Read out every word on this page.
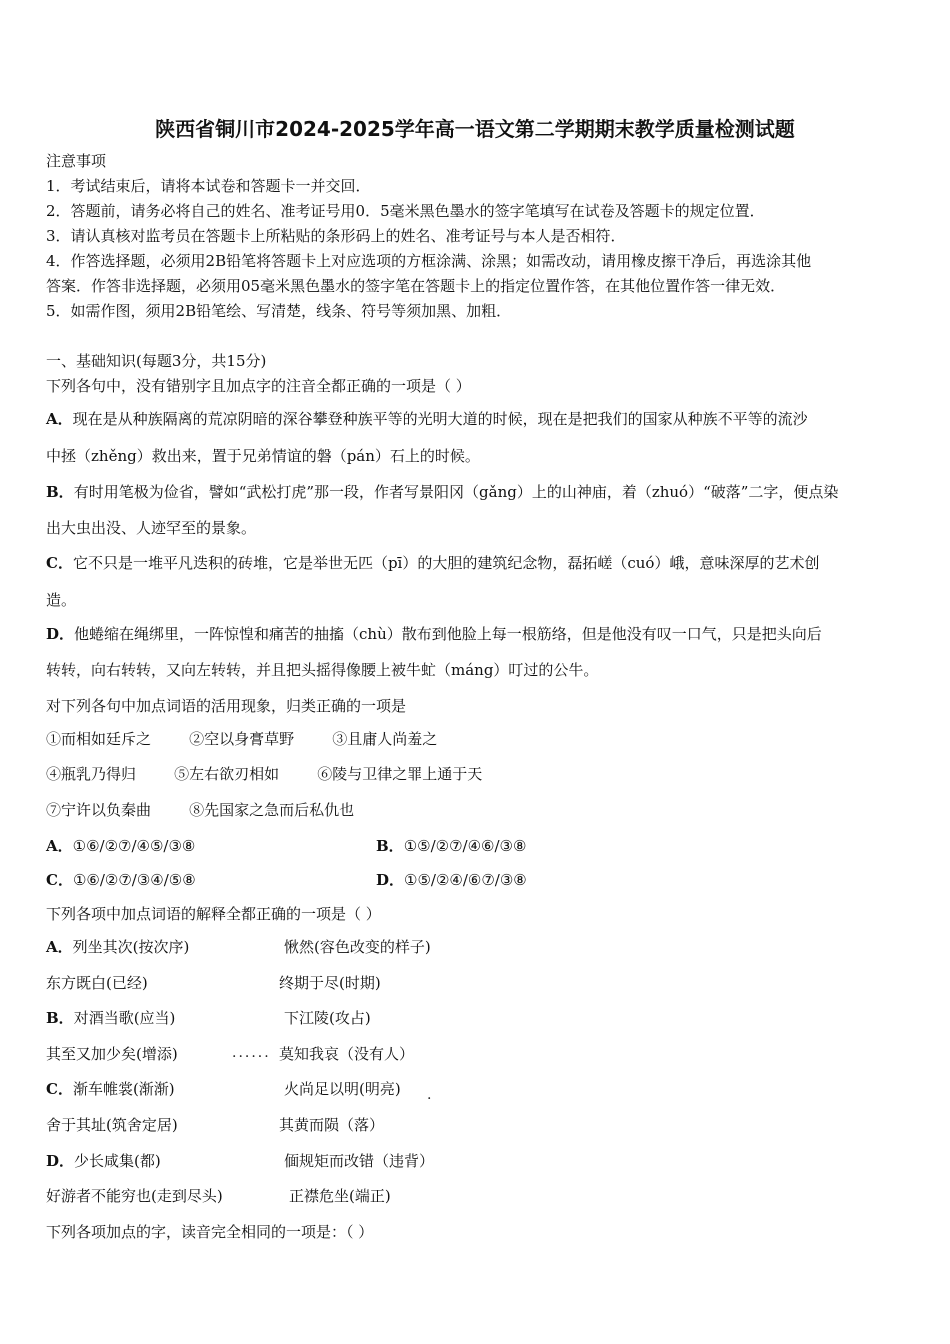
陕西省铜川市2024-2025学年高一语文第二学期期末教学质量检测试题
注意事项
1．考试结束后，请将本试卷和答题卡一并交回．
2．答题前，请务必将自己的姓名、准考证号用0．5毫米黑色墨水的签字笔填写在试卷及答题卡的规定位置．
3．请认真核对监考员在答题卡上所粘贴的条形码上的姓名、准考证号与本人是否相符．
4．作答选择题，必须用2B铅笔将答题卡上对应选项的方框涂满、涂黑；如需改动，请用橡皮擦干净后，再选涂其他
答案．作答非选择题，必须用05毫米黑色墨水的签字笔在答题卡上的指定位置作答，在其他位置作答一律无效．
5．如需作图，须用2B铅笔绘、写清楚，线条、符号等须加黑、加粗．
一、基础知识(每题3分，共15分)
下列各句中，没有错别字且加点字的注音全都正确的一项是（ ）
A．现在是从种族隔离的荒凉阴暗的深谷攀登种族平等的光明大道的时候，现在是把我们的国家从种族不平等的流沙
中拯（zhěng）救出来，置于兄弟情谊的磐（pán）石上的时候。
B．有时用笔极为俭省，譬如“武松打虎”那一段，作者写景阳冈（gǎng）上的山神庙，着（zhuó）“破落”二字，便点染
出大虫出没、人迹罕至的景象。
C．它不只是一堆平凡迭积的砖堆，它是举世无匹（pī）的大胆的建筑纪念物，磊拓嵯（cuó）峨，意味深厚的艺术创
造。
D．他蜷缩在绳绑里，一阵惊惶和痛苦的抽搐（chù）散布到他脸上每一根筋络，但是他没有叹一口气，只是把头向后
转转，向右转转，又向左转转，并且把头摇得像腰上被牛虻（máng）叮过的公牛。
对下列各句中加点词语的活用现象，归类正确的一项是
①而相如廷斥之        ②空以身膏草野        ③且庸人尚羞之
④瓶乳乃得归        ⑤左右欲刃相如        ⑥陵与卫律之罪上通于天
⑦宁许以负秦曲        ⑧先国家之急而后私仇也
A．①⑥/②⑦/④⑤/③⑧	B．①⑤/②⑦/④⑥/③⑧
C．①⑥/②⑦/③④/⑤⑧	D．①⑤/②④/⑥⑦/③⑧
下列各项中加点词语的解释全都正确的一项是（ ）
A．列坐其次(按次序)	愀然(容色改变的样子)
东方既白(已经)	终期于尽(时期)
B．对酒当歌(应当)	下江陵(攻占)
其至又加少矣(增添)	······ 莫知我哀（没有人）
C．渐车帷裳(渐渐)	火尚足以明(明亮) .
舍于其址(筑舍定居)	其黄而陨（落）
D．少长咸集(都)	偭规矩而改错（违背）
好游者不能穷也(走到尽头)	正襟危坐(端正)
下列各项加点的字，读音完全相同的一项是：（ ）
